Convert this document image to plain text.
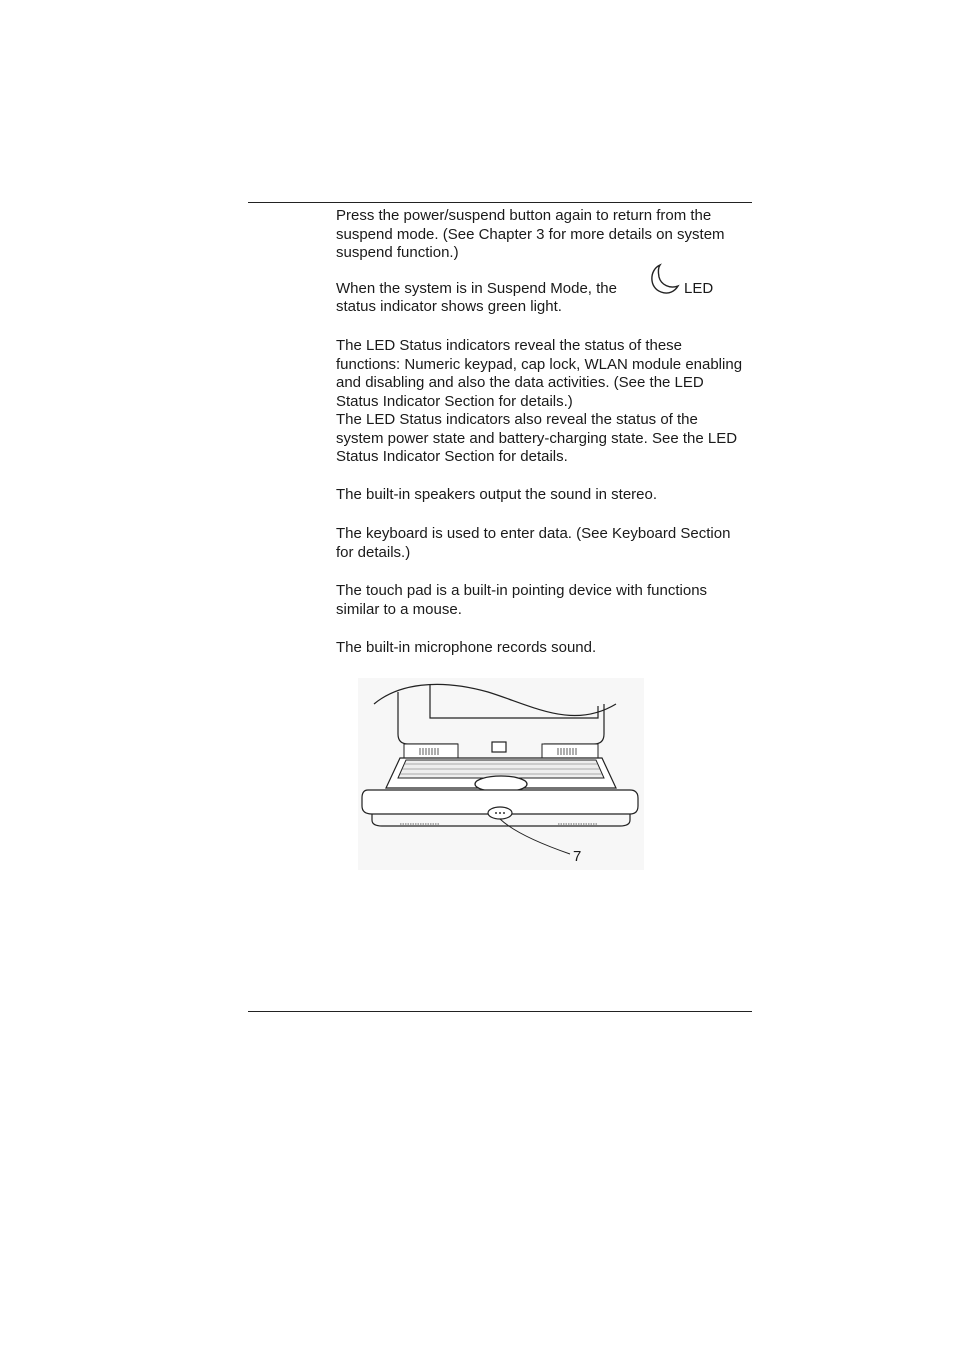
Press the power/suspend button again to return from the suspend mode. (See Chapter 3 for more details on system suspend function.)

When the system is in Suspend Mode, the	LED

status indicator shows green light.

The LED Status indicators reveal the status of these functions: Numeric keypad, cap lock, WLAN module enabling and disabling and also the data activities. (See the LED Status Indicator Section for details.)

The LED Status indicators also reveal the status of the system power state and battery-charging state. See the LED Status Indicator Section for details.

The built-in speakers output the sound in stereo.

The keyboard is used to enter data. (See Keyboard Section for details.)

The touch pad is a built-in pointing device with functions similar to a mouse.

The built-in microphone records sound.

7
